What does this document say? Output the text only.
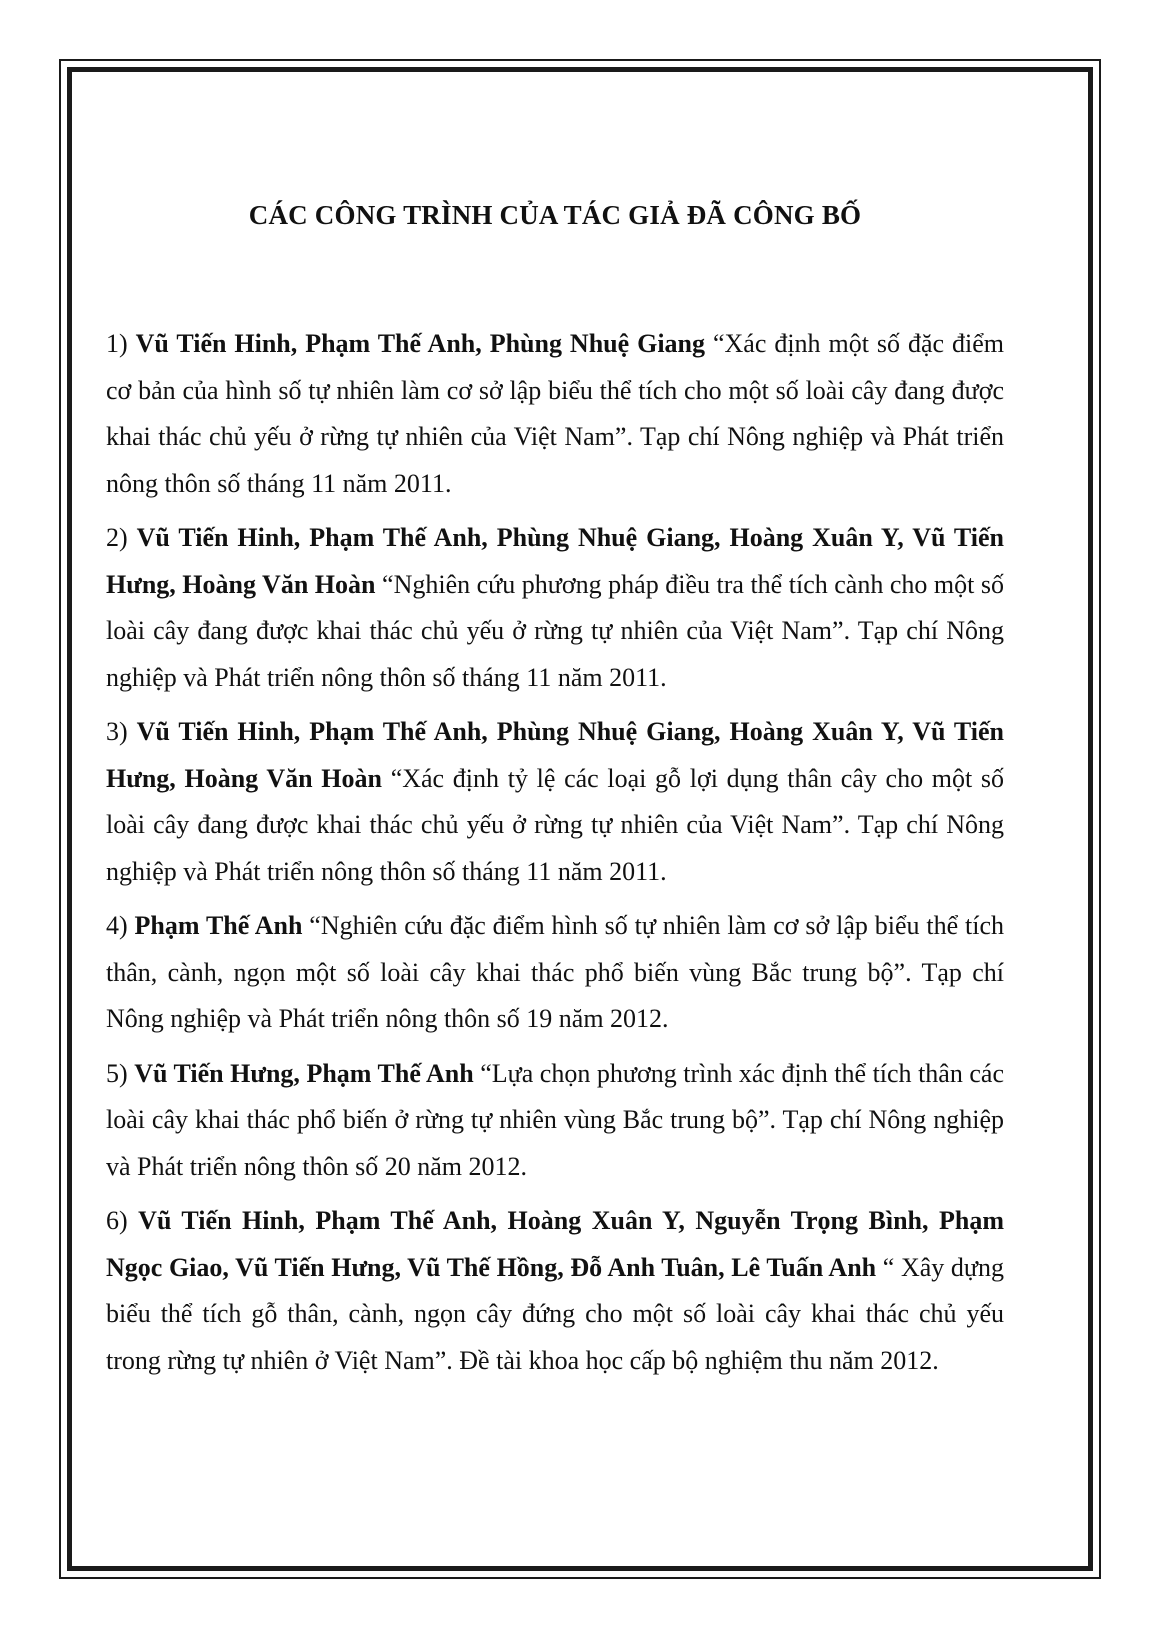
CÁC CÔNG TRÌNH CỦA TÁC GIẢ ĐÃ CÔNG BỐ

1) Vũ Tiến Hinh, Phạm Thế Anh, Phùng Nhuệ Giang “Xác định một số đặc điểm cơ bản của hình số tự nhiên làm cơ sở lập biểu thể tích cho một số loài cây đang được khai thác chủ yếu ở rừng tự nhiên của Việt Nam”. Tạp chí Nông nghiệp và Phát triển nông thôn số tháng 11 năm 2011.

2) Vũ Tiến Hinh, Phạm Thế Anh, Phùng Nhuệ Giang, Hoàng Xuân Y, Vũ Tiến Hưng, Hoàng Văn Hoàn “Nghiên cứu phương pháp điều tra thể tích cành cho một số loài cây đang được khai thác chủ yếu ở rừng tự nhiên của Việt Nam”. Tạp chí Nông nghiệp và Phát triển nông thôn số tháng 11 năm 2011.

3) Vũ Tiến Hinh, Phạm Thế Anh, Phùng Nhuệ Giang, Hoàng Xuân Y, Vũ Tiến Hưng, Hoàng Văn Hoàn “Xác định tỷ lệ các loại gỗ lợi dụng thân cây cho một số loài cây đang được khai thác chủ yếu ở rừng tự nhiên của Việt Nam”. Tạp chí Nông nghiệp và Phát triển nông thôn số tháng 11 năm 2011.

4) Phạm Thế Anh “Nghiên cứu đặc điểm hình số tự nhiên làm cơ sở lập biểu thể tích thân, cành, ngọn một số loài cây khai thác phổ biến vùng Bắc trung bộ”. Tạp chí Nông nghiệp và Phát triển nông thôn số 19 năm 2012.

5) Vũ Tiến Hưng, Phạm Thế Anh “Lựa chọn phương trình xác định thể tích thân các loài cây khai thác phổ biến ở rừng tự nhiên vùng Bắc trung bộ”. Tạp chí Nông nghiệp và Phát triển nông thôn số 20 năm 2012.

6) Vũ Tiến Hinh, Phạm Thế Anh, Hoàng Xuân Y, Nguyễn Trọng Bình, Phạm Ngọc Giao, Vũ Tiến Hưng, Vũ Thế Hồng, Đỗ Anh Tuân, Lê Tuấn Anh “ Xây dựng biểu thể tích gỗ thân, cành, ngọn cây đứng cho một số loài cây khai thác chủ yếu trong rừng tự nhiên ở Việt Nam”. Đề tài khoa học cấp bộ nghiệm thu năm 2012.
